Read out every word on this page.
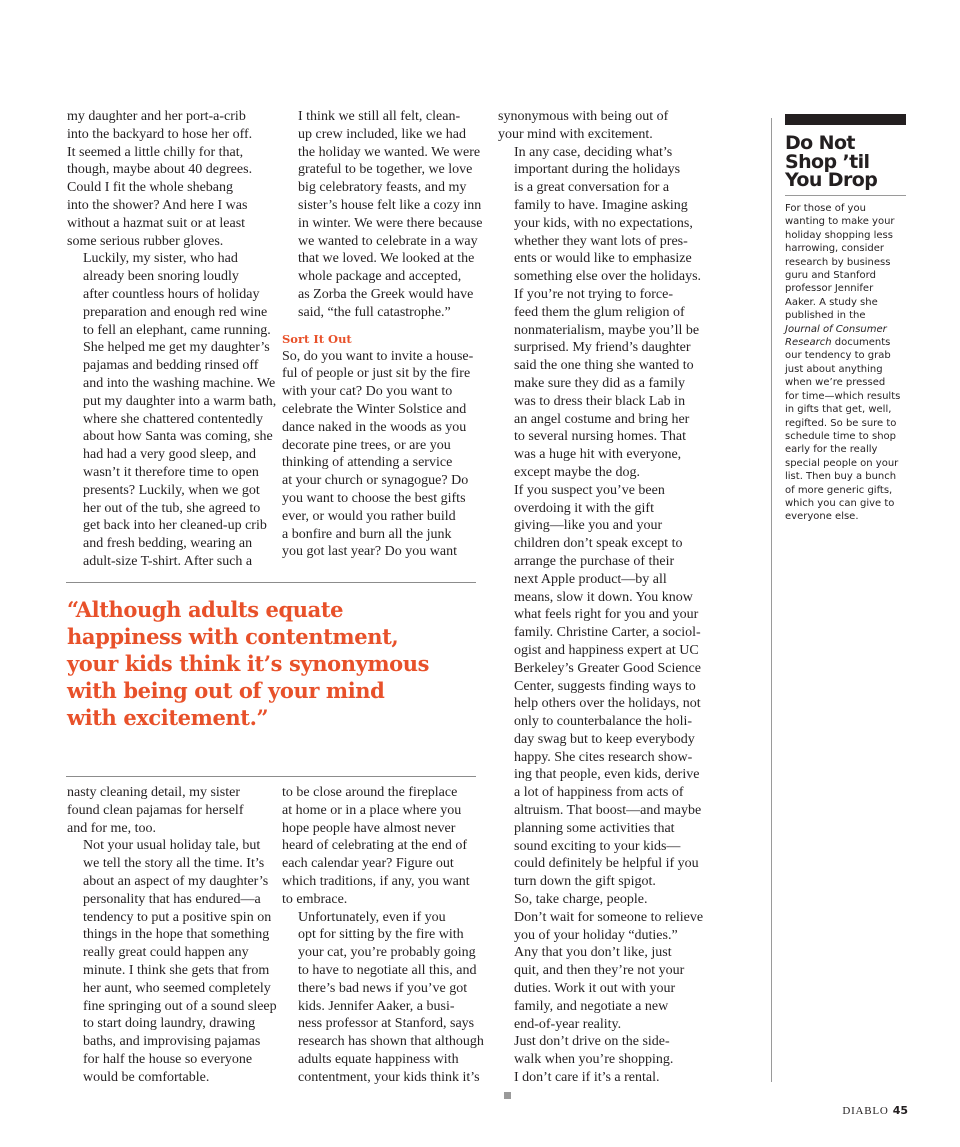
my daughter and her port-a-crib
into the backyard to hose her off.
It seemed a little chilly for that,
though, maybe about 40 degrees.
Could I fit the whole shebang
into the shower? And here I was
without a hazmat suit or at least
some serious rubber gloves.

Luckily, my sister, who had
already been snoring loudly
after countless hours of holiday
preparation and enough red wine
to fell an elephant, came running.
She helped me get my daughter’s
pajamas and bedding rinsed off
and into the washing machine. We
put my daughter into a warm bath,
where she chattered contentedly
about how Santa was coming, she
had had a very good sleep, and
wasn’t it therefore time to open
presents? Luckily, when we got
her out of the tub, she agreed to
get back into her cleaned-up crib
and fresh bedding, wearing an
adult-size T-shirt. After such a

I think we still all felt, clean-
up crew included, like we had
the holiday we wanted. We were
grateful to be together, we love
big celebratory feasts, and my
sister’s house felt like a cozy inn
in winter. We were there because
we wanted to celebrate in a way
that we loved. We looked at the
whole package and accepted,
as Zorba the Greek would have
said, “the full catastrophe.”

Sort It Out

So, do you want to invite a house-
ful of people or just sit by the fire
with your cat? Do you want to
celebrate the Winter Solstice and
dance naked in the woods as you
decorate pine trees, or are you
thinking of attending a service
at your church or synagogue? Do
you want to choose the best gifts
ever, or would you rather build
a bonfire and burn all the junk
you got last year? Do you want

synonymous with being out of
your mind with excitement.

In any case, deciding what’s
important during the holidays
is a great conversation for a
family to have. Imagine asking
your kids, with no expectations,
whether they want lots of pres-
ents or would like to emphasize
something else over the holidays.
If you’re not trying to force-
feed them the glum religion of
nonmaterialism, maybe you’ll be
surprised. My friend’s daughter
said the one thing she wanted to
make sure they did as a family
was to dress their black Lab in
an angel costume and bring her
to several nursing homes. That
was a huge hit with everyone,
except maybe the dog.

If you suspect you’ve been
overdoing it with the gift
giving—like you and your
children don’t speak except to
arrange the purchase of their
next Apple product—by all
means, slow it down. You know
what feels right for you and your
family. Christine Carter, a sociol-
ogist and happiness expert at UC
Berkeley’s Greater Good Science
Center, suggests finding ways to
help others over the holidays, not
only to counterbalance the holi-
day swag but to keep everybody
happy. She cites research show-
ing that people, even kids, derive
a lot of happiness from acts of
altruism. That boost—and maybe
planning some activities that
sound exciting to your kids—
could definitely be helpful if you
turn down the gift spigot.

So, take charge, people.
Don’t wait for someone to relieve
you of your holiday “duties.”
Any that you don’t like, just
quit, and then they’re not your
duties. Work it out with your
family, and negotiate a new
end-of-year reality.

Just don’t drive on the side-
walk when you’re shopping.
I don’t care if it’s a rental.

“Although adults equate
happiness with contentment,
your kids think it’s synonymous
with being out of your mind
with excitement.”

nasty cleaning detail, my sister
found clean pajamas for herself
and for me, too.

Not your usual holiday tale, but
we tell the story all the time. It’s
about an aspect of my daughter’s
personality that has endured—a
tendency to put a positive spin on
things in the hope that something
really great could happen any
minute. I think she gets that from
her aunt, who seemed completely
fine springing out of a sound sleep
to start doing laundry, drawing
baths, and improvising pajamas
for half the house so everyone
would be comfortable.

to be close around the fireplace
at home or in a place where you
hope people have almost never
heard of celebrating at the end of
each calendar year? Figure out
which traditions, if any, you want
to embrace.

Unfortunately, even if you
opt for sitting by the fire with
your cat, you’re probably going
to have to negotiate all this, and
there’s bad news if you’ve got
kids. Jennifer Aaker, a busi-
ness professor at Stanford, says
research has shown that although
adults equate happiness with
contentment, your kids think it’s

Do Not
Shop ’til
You Drop
For those of you
wanting to make your
holiday shopping less
harrowing, consider
research by business
guru and Stanford
professor Jennifer
Aaker. A study she
published in the
Journal of Consumer
Research documents
our tendency to grab
just about anything
when we’re pressed
for time—which results
in gifts that get, well,
regifted. So be sure to
schedule time to shop
early for the really
special people on your
list. Then buy a bunch
of more generic gifts,
which you can give to
everyone else.
DIABLO 45
